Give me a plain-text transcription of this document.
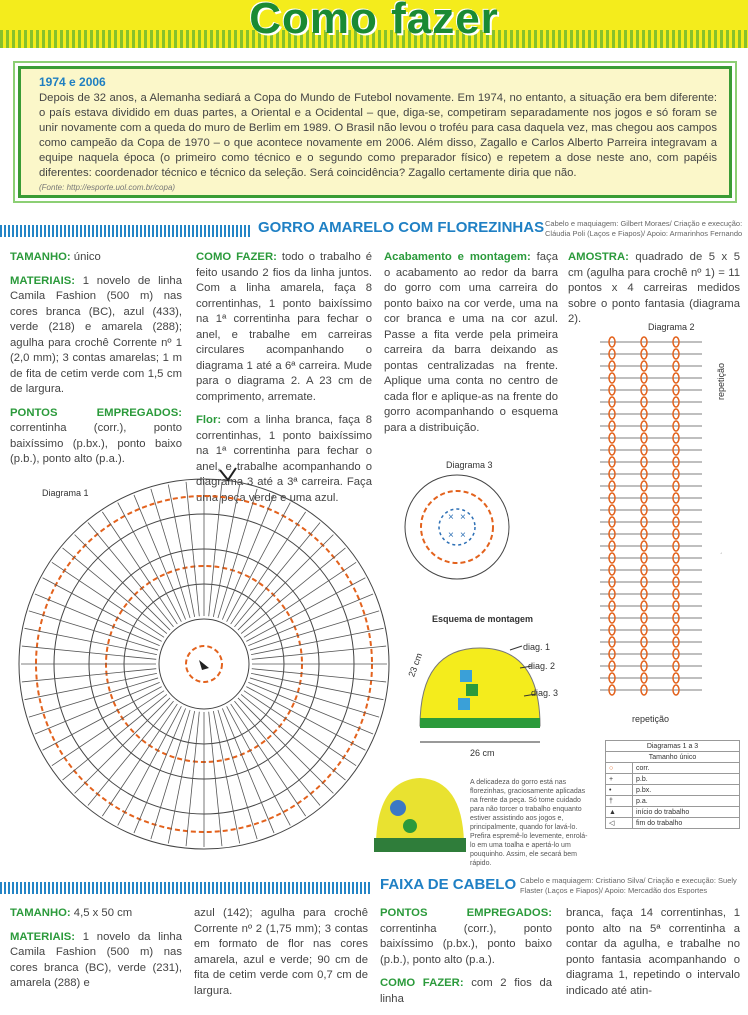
Como fazer
1974 e 2006

Depois de 32 anos, a Alemanha sediará a Copa do Mundo de Futebol novamente. Em 1974, no entanto, a situação era bem diferente: o país estava dividido em duas partes, a Oriental e a Ocidental – que, diga-se, competiram separadamente nos jogos e só foram se unir novamente com a queda do muro de Berlim em 1989. O Brasil não levou o troféu para casa daquela vez, mas chegou aos campos como campeão da Copa de 1970 – o que acontece novamente em 2006. Além disso, Zagallo e Carlos Alberto Parreira integravam a equipe naquela época (o primeiro como técnico e o segundo como preparador físico) e repetem a dose neste ano, com papéis diferentes: coordenador técnico e técnico da seleção. Será coincidência? Zagallo certamente diria que não.

(Fonte: http://esporte.uol.com.br/copa)
GORRO AMARELO COM FLOREZINHAS Cabelo e maquiagem: Gilbert Moraes/ Criação e execução: Cláudia Poli (Laços e Fiapos)/ Apoio: Armarinhos Fernando

TAMANHO: único

MATERIAIS: 1 novelo de linha Camila Fashion (500 m) nas cores branca (BC), azul (433), verde (218) e amarela (288); agulha para crochê Corrente nº 1 (2,0 mm); 3 contas amarelas; 1 m de fita de cetim verde com 1,5 cm de largura.

PONTOS EMPREGADOS: correntinha (corr.), ponto baixíssimo (p.bx.), ponto baixo (p.b.), ponto alto (p.a.).

COMO FAZER: todo o trabalho é feito usando 2 fios da linha juntos. Com a linha amarela, faça 8 correntinhas, 1 ponto baixíssimo na 1ª correntinha para fechar o anel, e trabalhe em carreiras circulares acompanhando o diagrama 1 até a 6ª carreira. Mude para o diagrama 2. A 23 cm de comprimento, arremate.

Flor: com a linha branca, faça 8 correntinhas, 1 ponto baixíssimo na 1ª correntinha para fechar o anel, e trabalhe acompanhando o diagrama 3 até a 3ª carreira. Faça uma peça verde e uma azul.

Acabamento e montagem: faça o acabamento ao redor da barra do gorro com uma carreira do ponto baixo na cor verde, uma na cor branca e uma na cor azul. Passe a fita verde pela primeira carreira da barra deixando as pontas centralizadas na frente. Aplique uma conta no centro de cada flor e aplique-as na frente do gorro acompanhando o esquema para a distribuição.

AMOSTRA: quadrado de 5 x 5 cm (agulha para crochê nº 1) = 11 pontos x 4 carreiras medidos sobre o ponto fantasia (diagrama 2).

Diagrama 1
Diagrama 3
× ×
× ×
Esquema de montagem
diag. 1
diag. 2
diag. 3
23 cm
26 cm
Diagrama 2
repetição
repetição
Diagramas 1 a 3	
Tamanho único	
○	corr.
+	p.b.
•	p.bx.
†	p.a.
▲	início do trabalho
◁	fim do trabalho
A delicadeza do gorro está nas florezinhas, graciosamente aplicadas na frente da peça. Só tome cuidado para não torcer o trabalho enquanto estiver assistindo aos jogos e, principalmente, quando for lavá-lo. Prefira espremê-lo levemente, enrolá-lo em uma toalha e apertá-lo um pouquinho. Assim, ele secará bem rápido.
FAIXA DE CABELO Cabelo e maquiagem: Cristiano Silva/ Criação e execução: Suely Flaster (Laços e Fiapos)/ Apoio: Mercadão dos Esportes

TAMANHO: 4,5 x 50 cm

MATERIAIS: 1 novelo da linha Camila Fashion (500 m) nas cores branca (BC), verde (231), amarela (288) e

azul (142); agulha para crochê Corrente nº 2 (1,75 mm); 3 contas em formato de flor nas cores amarela, azul e verde; 90 cm de fita de cetim verde com 0,7 cm de largura.

PONTOS EMPREGADOS: correntinha (corr.), ponto baixíssimo (p.bx.), ponto baixo (p.b.), ponto alto (p.a.).

COMO FAZER: com 2 fios da linha

branca, faça 14 correntinhas, 1 ponto alto na 5ª correntinha a contar da agulha, e trabalhe no ponto fantasia acompanhando o diagrama 1, repetindo o intervalo indicado até atin-
